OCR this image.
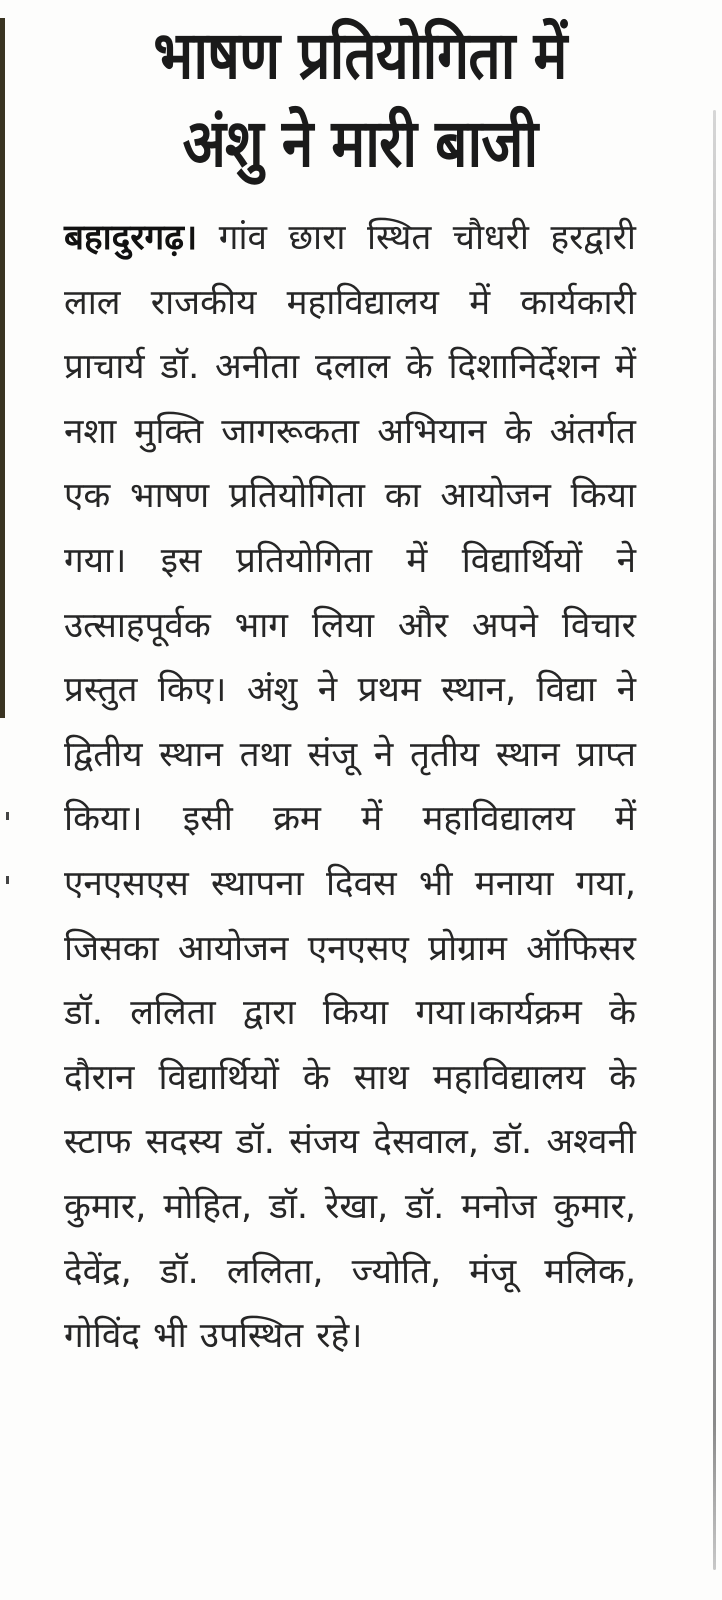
भाषण प्रतियोगिता में
अंशु ने मारी बाजी

बहादुरगढ़। गांव छारा स्थित चौधरी हरद्वारी लाल राजकीय महाविद्यालय में कार्यकारी प्राचार्य डॉ. अनीता दलाल के दिशानिर्देशन में नशा मुक्ति जागरूकता अभियान के अंतर्गत एक भाषण प्रतियोगिता का आयोजन किया गया। इस प्रतियोगिता में विद्यार्थियों ने उत्साहपूर्वक भाग लिया और अपने विचार प्रस्तुत किए। अंशु ने प्रथम स्थान, विद्या ने द्वितीय स्थान तथा संजू ने तृतीय स्थान प्राप्त किया। इसी क्रम में महाविद्यालय में एनएसएस स्थापना दिवस भी मनाया गया, जिसका आयोजन एनएसए प्रोग्राम ऑफिसर डॉ. ललिता द्वारा किया गया।कार्यक्रम के दौरान विद्यार्थियों के साथ महाविद्यालय के स्टाफ सदस्य डॉ. संजय देसवाल, डॉ. अश्वनी कुमार, मोहित, डॉ. रेखा, डॉ. मनोज कुमार, देवेंद्र, डॉ. ललिता, ज्योति, मंजू मलिक, गोविंद भी उपस्थित रहे।
